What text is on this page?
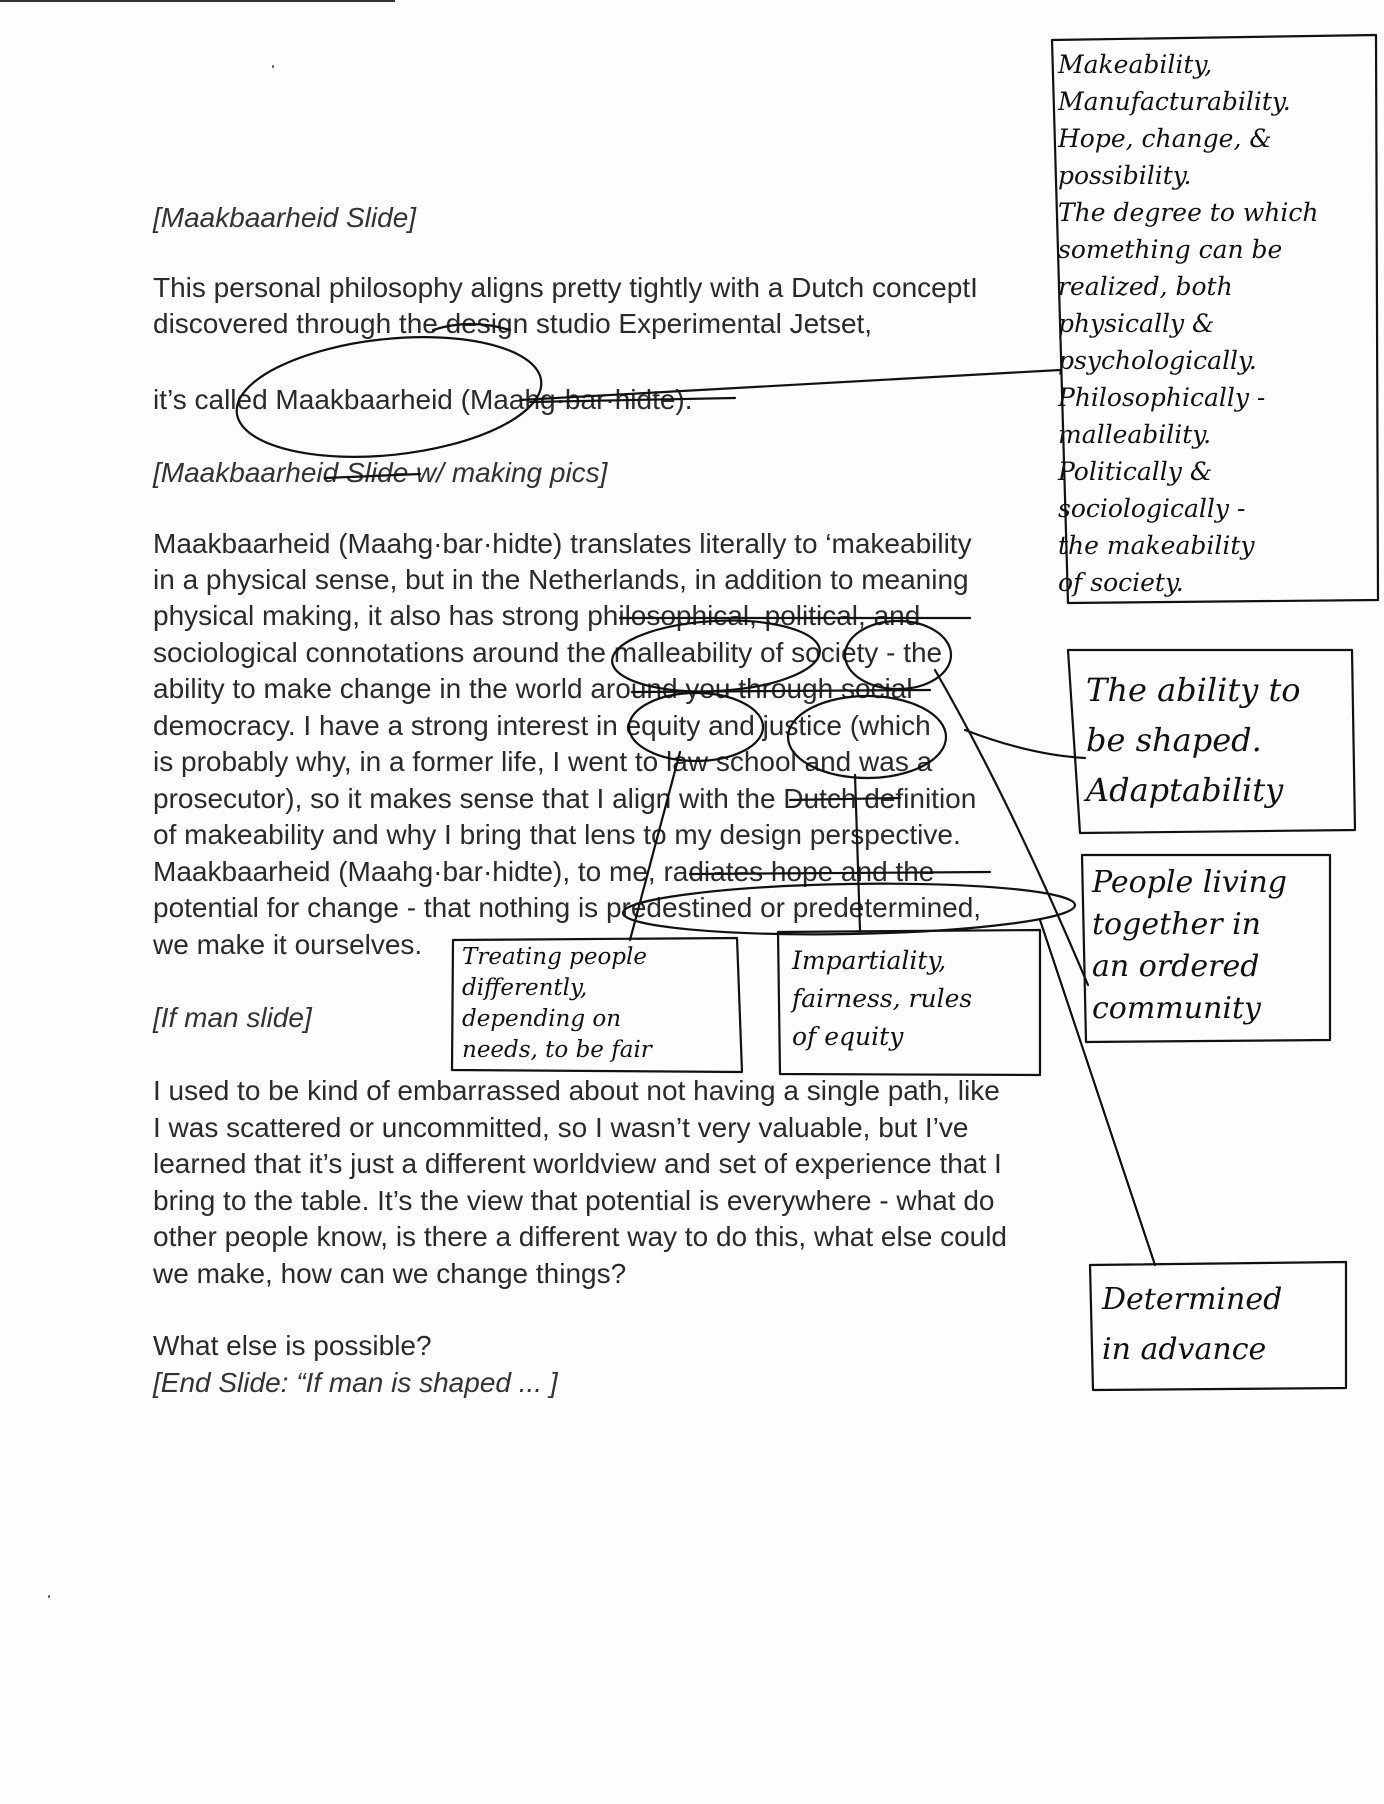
[Maakbaarheid Slide]
This personal philosophy aligns pretty tightly with a Dutch conceptI
discovered through the design studio Experimental Jetset,
it’s called Maakbaarheid (Maahg·bar·hidte).
[Maakbaarheid Slide w/ making pics]
Maakbaarheid (Maahg·bar·hidte) translates literally to ‘makeability
in a physical sense, but in the Netherlands, in addition to meaning
physical making, it also has strong philosophical, political, and
sociological connotations around the malleability of society - the
ability to make change in the world around you through social
democracy. I have a strong interest in equity and justice (which
is probably why, in a former life, I went to law school and was a
prosecutor), so it makes sense that I align with the Dutch definition
of makeability and why I bring that lens to my design perspective.
Maakbaarheid (Maahg·bar·hidte), to me, radiates hope and the
potential for change - that nothing is predestined or predetermined,
we make it ourselves.
[If man slide]
I used to be kind of embarrassed about not having a single path, like
I was scattered or uncommitted, so I wasn’t very valuable, but I’ve
learned that it’s just a different worldview and set of experience that I
bring to the table. It’s the view that potential is everywhere - what do
other people know, is there a different way to do this, what else could
we make, how can we change things?
What else is possible?
[End Slide: “If man is shaped ... ]
Makeability,
Manufacturability.
Hope, change, &
possibility.
The degree to which
something can be
realized, both
physically &
psychologically.
Philosophically -
malleability.
Politically &
sociologically -
the makeability
of society.
The ability to
be shaped.
Adaptability
People living
together in
an ordered
community
Determined
in advance
Treating people
differently,
depending on
needs, to be fair
Impartiality,
fairness, rules
of equity
